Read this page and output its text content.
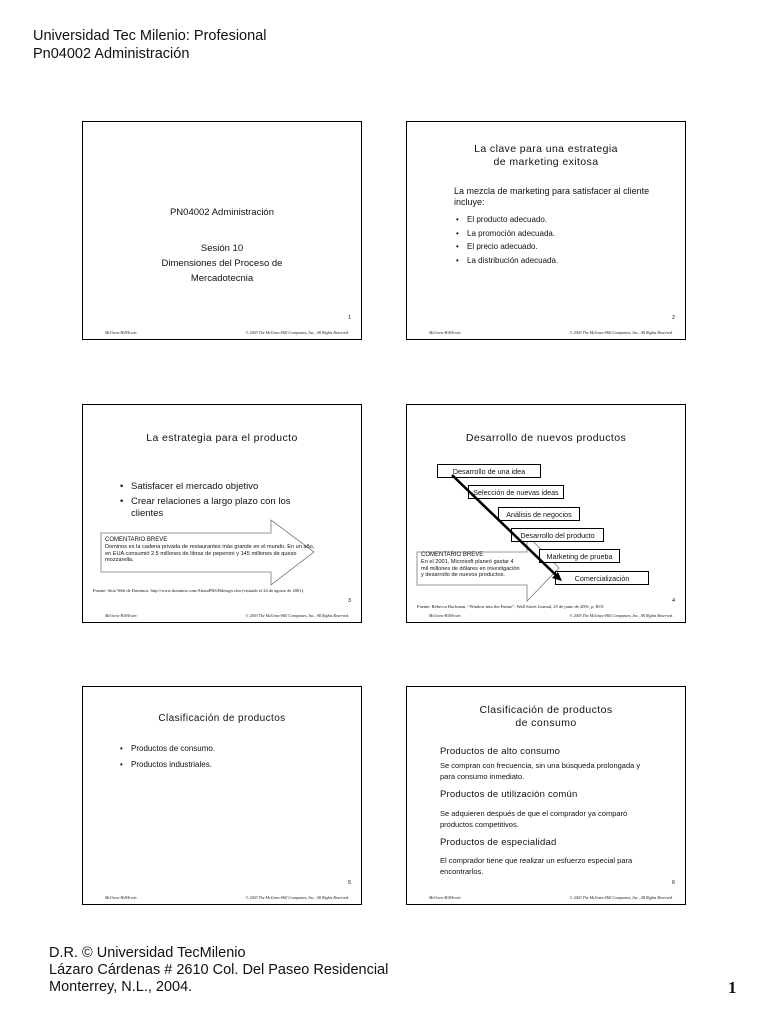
Universidad Tec Milenio: Profesional
Pn04002 Administración
PN04002 Administración
Sesión 10
Dimensiones del Proceso de
Mercadotecnia
1
McGraw-Hill/Irwin	© 2003 The McGraw-Hill Companies, Inc., All Rights Reserved.
La clave para una estrategia
de marketing exitosa
La mezcla de marketing para satisfacer al cliente incluye:
• El producto adecuado.
• La promoción adecuada.
• El precio adecuado.
• La distribución adecuada.
2
McGraw-Hill/Irwin	© 2003 The McGraw-Hill Companies, Inc., All Rights Reserved.
La estrategia para el producto
• Satisfacer el mercado objetivo
• Crear relaciones a largo plazo con los clientes
COMENTARIO BREVE
Dominos es la cadena privada de restaurantes más grande en el mundo. En un año, en EUA consumió 2.5 millones de libras de peperoni y 145 millones de queso mozzarella.
Fuente: Sitio Web de Dominos. http://www.dominos.com/AboutPRS/Bdesign.cfm (visitado el 24 de agosto de 2001).
3
McGraw-Hill/Irwin	© 2003 The McGraw-Hill Companies, Inc., All Rights Reserved.
Desarrollo de nuevos productos
Desarrollo de una idea
Selección de nuevas ideas
Análisis de negocios
Desarrollo del producto
Marketing de prueba
Comercialización
COMENTARIO BREVE
En el 2001, Microsoft planeó gastar 4 mil millones de dólares en investigación y desarrollo de nuevos productos.
Fuente: Rebecca Buckman, “Window into the Future”, Wall Street Journal, 25 de junio de 2001, p. R19.
4
McGraw-Hill/Irwin	© 2003 The McGraw-Hill Companies, Inc., All Rights Reserved.
Clasificación de productos
• Productos de consumo.
• Productos industriales.
5
McGraw-Hill/Irwin	© 2003 The McGraw-Hill Companies, Inc., All Rights Reserved.
Clasificación de productos
de consumo
Productos de alto consumo
Se compran con frecuencia, sin una búsqueda prolongada y para consumo inmediato.
Productos de utilización común
Se adquieren después de que el comprador ya comparó productos competitivos.
Productos de especialidad
El comprador tiene que realizar un esfuerzo especial para encontrarlos.
6
McGraw-Hill/Irwin	© 2003 The McGraw-Hill Companies, Inc., All Rights Reserved.
D.R. © Universidad TecMilenio
Lázaro Cárdenas # 2610 Col. Del Paseo Residencial
Monterrey, N.L., 2004.	1
